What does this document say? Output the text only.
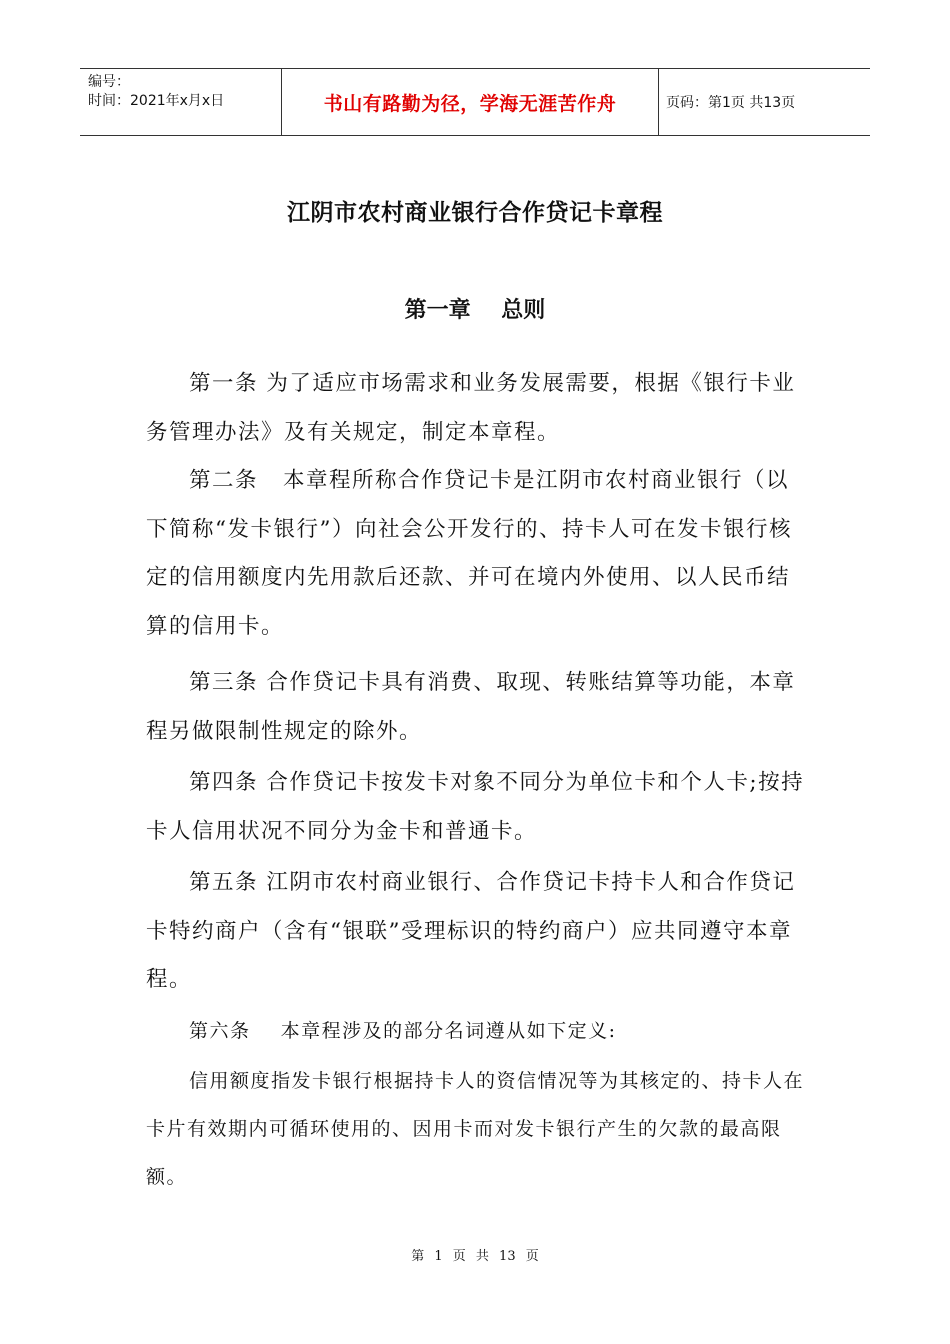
编号：
时间：2021年x月x日	书山有路勤为径，学海无涯苦作舟	页码：第1页 共13页
江阴市农村商业银行合作贷记卡章程
第一章    总则

第一条 为了适应市场需求和业务发展需要，根据《银行卡业务管理办法》及有关规定，制定本章程。

第二条   本章程所称合作贷记卡是江阴市农村商业银行（以下简称“发卡银行”）向社会公开发行的、持卡人可在发卡银行核定的信用额度内先用款后还款、并可在境内外使用、以人民币结算的信用卡。

第三条 合作贷记卡具有消费、取现、转账结算等功能，本章程另做限制性规定的除外。

第四条 合作贷记卡按发卡对象不同分为单位卡和个人卡;按持卡人信用状况不同分为金卡和普通卡。

第五条 江阴市农村商业银行、合作贷记卡持卡人和合作贷记卡特约商户（含有“银联”受理标识的特约商户）应共同遵守本章程。

第六条    本章程涉及的部分名词遵从如下定义:

信用额度指发卡银行根据持卡人的资信情况等为其核定的、持卡人在卡片有效期内可循环使用的、因用卡而对发卡银行产生的欠款的最高限额。

第 1 页 共 13 页
